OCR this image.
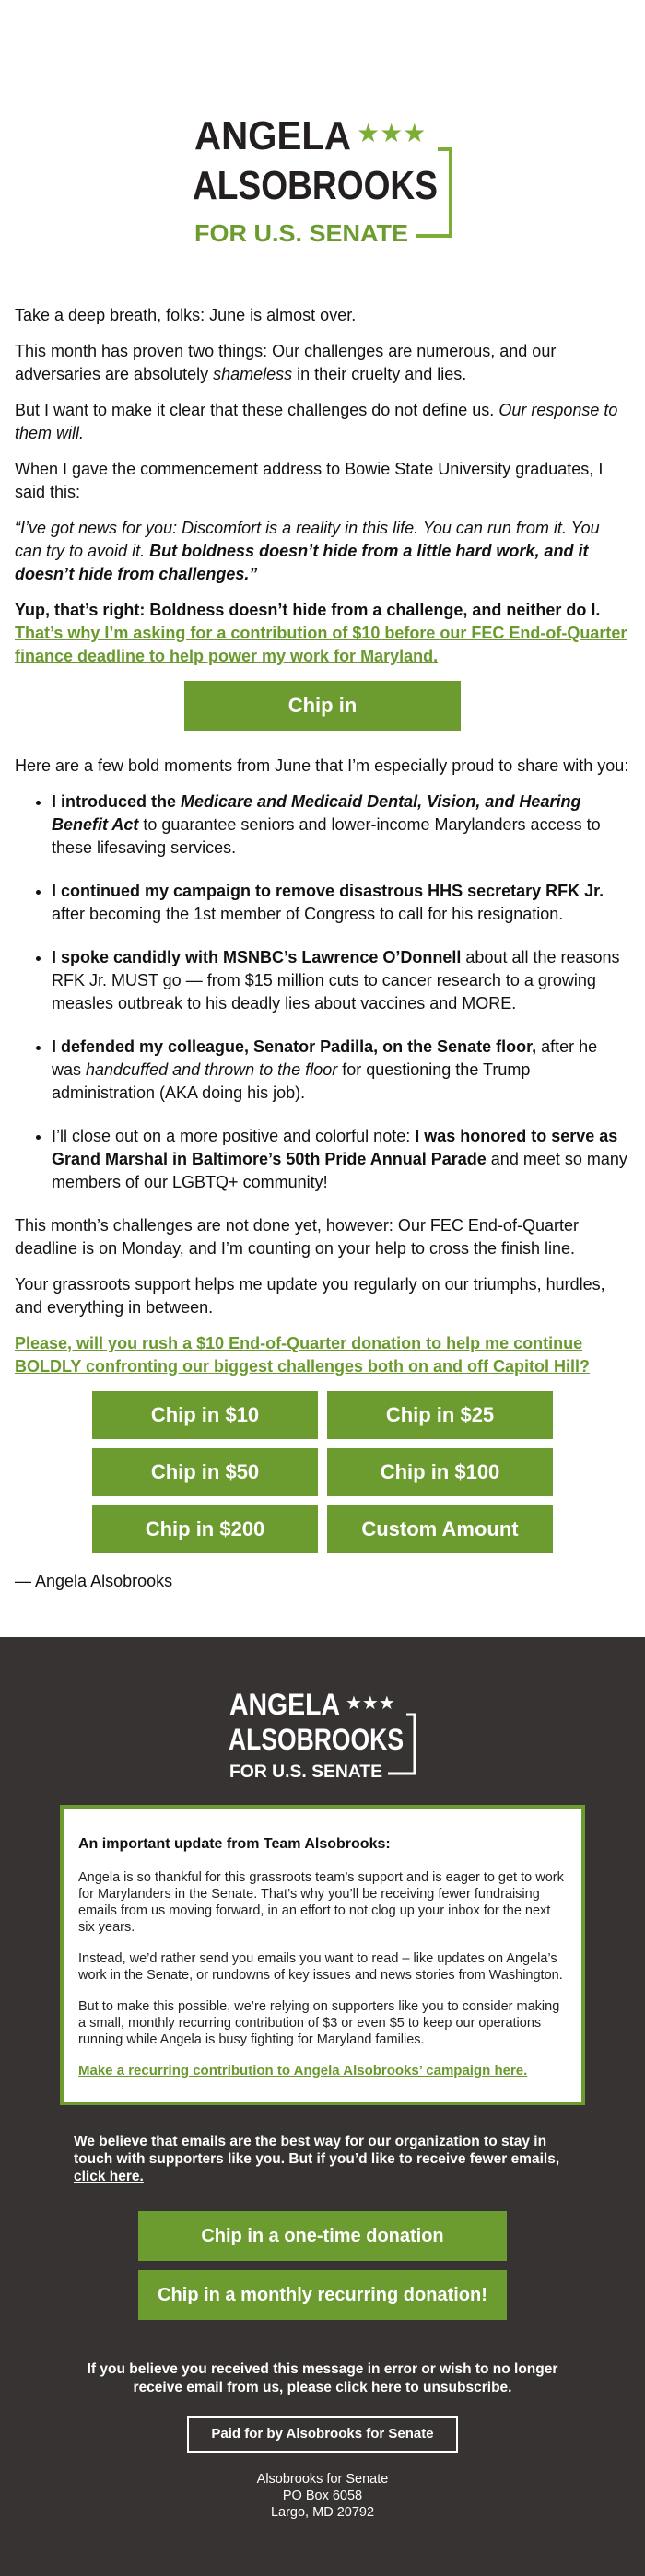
ANGELA ★★★
ALSOBROOKS
FOR U.S. SENATE

Take a deep breath, folks: June is almost over.

This month has proven two things: Our challenges are numerous, and our adversaries are absolutely shameless in their cruelty and lies.

But I want to make it clear that these challenges do not define us. Our response to them will.

When I gave the commencement address to Bowie State University graduates, I said this:

“I’ve got news for you: Discomfort is a reality in this life. You can run from it. You can try to avoid it. But boldness doesn’t hide from a little hard work, and it doesn’t hide from challenges.”

Yup, that’s right: Boldness doesn’t hide from a challenge, and neither do I. That’s why I’m asking for a contribution of $10 before our FEC End-of-Quarter finance deadline to help power my work for Maryland.

Chip in

Here are a few bold moments from June that I’m especially proud to share with you:

• I introduced the Medicare and Medicaid Dental, Vision, and Hearing Benefit Act to guarantee seniors and lower-income Marylanders access to these lifesaving services.
• I continued my campaign to remove disastrous HHS secretary RFK Jr. after becoming the 1st member of Congress to call for his resignation.
• I spoke candidly with MSNBC’s Lawrence O’Donnell about all the reasons RFK Jr. MUST go — from $15 million cuts to cancer research to a growing measles outbreak to his deadly lies about vaccines and MORE.
• I defended my colleague, Senator Padilla, on the Senate floor, after he was handcuffed and thrown to the floor for questioning the Trump administration (AKA doing his job).
• I’ll close out on a more positive and colorful note: I was honored to serve as Grand Marshal in Baltimore’s 50th Pride Annual Parade and meet so many members of our LGBTQ+ community!

This month’s challenges are not done yet, however: Our FEC End-of-Quarter deadline is on Monday, and I’m counting on your help to cross the finish line.

Your grassroots support helps me update you regularly on our triumphs, hurdles, and everything in between.

Please, will you rush a $10 End-of-Quarter donation to help me continue BOLDLY confronting our biggest challenges both on and off Capitol Hill?

Chip in $10	Chip in $25
Chip in $50	Chip in $100
Chip in $200	Custom Amount

— Angela Alsobrooks

ANGELA ★★★
ALSOBROOKS
FOR U.S. SENATE
An important update from Team Alsobrooks:

Angela is so thankful for this grassroots team’s support and is eager to get to work for Marylanders in the Senate. That’s why you’ll be receiving fewer fundraising emails from us moving forward, in an effort to not clog up your inbox for the next six years.

Instead, we’d rather send you emails you want to read – like updates on Angela’s work in the Senate, or rundowns of key issues and news stories from Washington.

But to make this possible, we’re relying on supporters like you to consider making a small, monthly recurring contribution of $3 or even $5 to keep our operations running while Angela is busy fighting for Maryland families.

Make a recurring contribution to Angela Alsobrooks’ campaign here.

We believe that emails are the best way for our organization to stay in touch with supporters like you. But if you’d like to receive fewer emails, click here.

Chip in a one-time donation
Chip in a monthly recurring donation!

If you believe you received this message in error or wish to no longer receive email from us, please click here to unsubscribe.

Paid for by Alsobrooks for Senate
Alsobrooks for Senate
PO Box 6058
Largo, MD 20792
